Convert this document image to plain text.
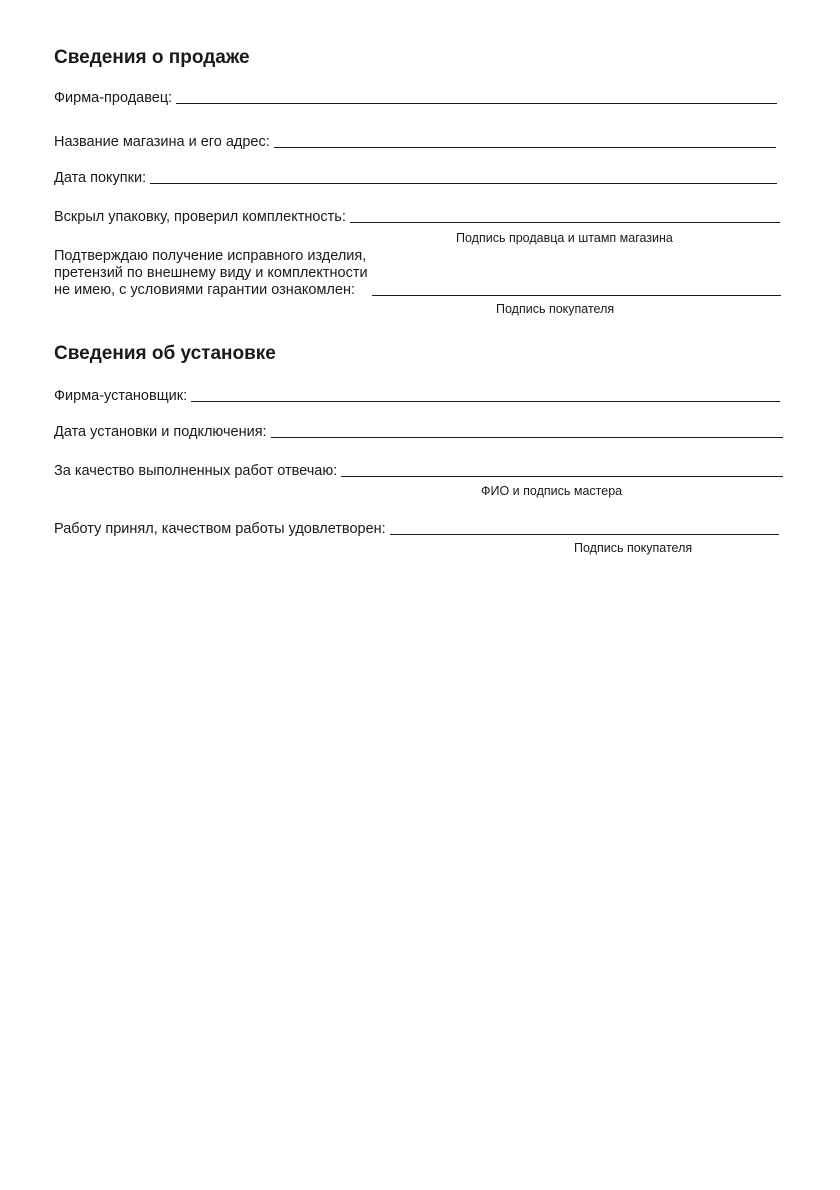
Сведения о продаже
Фирма-продавец:
Название магазина и его адрес:
Дата покупки:
Вскрыл упаковку, проверил комплектность:
Подпись продавца и штамп магазина
Подтверждаю получение исправного изделия,
претензий по внешнему виду и комплектности
не имею, с условиями гарантии ознакомлен:
Подпись покупателя
Сведения об установке
Фирма-установщик:
Дата установки и подключения:
За качество выполненных работ отвечаю:
ФИО и подпись мастера
Работу принял, качеством работы удовлетворен:
Подпись покупателя
